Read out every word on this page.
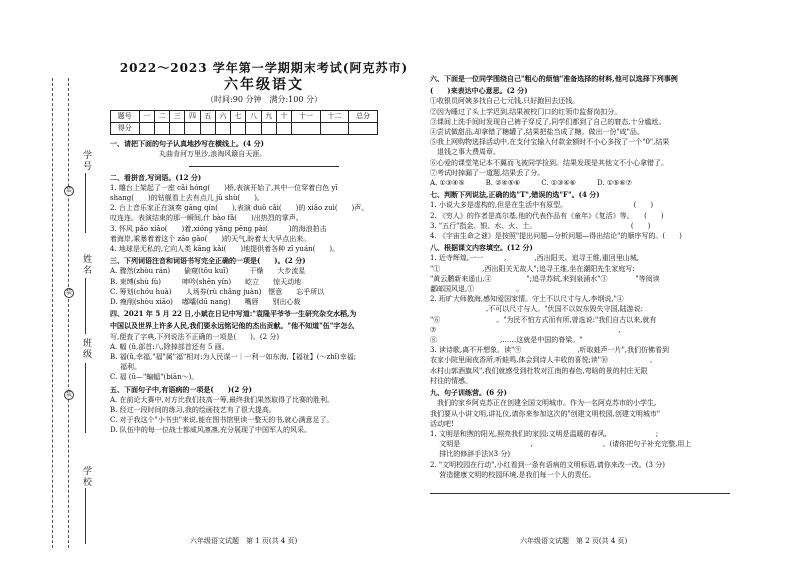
学号
姓名
班级
学校
装
装
装
2022～2023 学年第一学期期末考试(阿克苏市)
六年级语文
（时间:90 分钟　满分:100 分）
题号	一	二	三	四	五	六	七	八	九	十	十一	十二	总分
得分													
一、请把下面的句子认真地抄写在横线上。(4 分)
　　　　　　　丸曲肯河万里沙,浪淘风簸自天涯。
二、看拼音,写词语。(12 分)
1. 雕台上架起了一座 cǎi hóng(　　)桥,表演开始了,其中一位穿着白色 yī
shang(　　)的钻舰看上去有点儿 jū shù(　　)。
2. 台上音乐家正在演奏 gāng qín(　　),表演 duō cǎi(　　)的 xiǎo zuì(　　)声。
叹连连。表演结束的那一瞬间,什 bào fǎ(　　)出热烈的掌声。
3. 怀风 pǎo xiāo(　　)着,xióng yǎng pēng pài(　　　)的海浪拍击
着海岸,乘暴着着这个 zāo gāo(　　)的天气,盼着太大早点出来。
4. 地球是无私的,它向人类 kāng kǎi(　　)地提供着各种 zī yuán(　　)。
三、下列词语注音和词语书写完全正确的一项是(　　)。(2 分)
A. 骤然(zhòu rán)　　偷窥(tōu kuī)　　　干燥　　大步流星
B. 束缚(shù fù)　　　呻吟(shēn yín)　　屹立　　惊天动地
C. 筹划(chóu huà)　　人场券(rù chǎng juàn)　惬意　　忘乎所以
D. 瘦削(shòu xiāo)　 嘟囔(dū nang)　　嘴唇　　别出心裁
四、2021 年 5 月 22 日,小斌在日记中写道:"袁隆平爷爷一生研究杂交水稻,为
中国以及世界上许多人民,我们要永远铭记他的杰出贡献。"他不知道"伍"字怎么
写,便查了字典,下列说法不正确的一项是(　　)。(2 分)
A. 幅 (ǔ,部首:八,除掉部首还有 5 画。
B. 福(ǔ,幸福,"福"属"福"相对:为人民谋一｜一利一如东海,【福祉】(～zhǐ)幸福;
福利。
C. 福 (ǔ—"蝙蝠"(biān～)。
五、下面句子中,有语病的一项是(　　)(2 分)
A. 在前论大赛中,对方比我们技高一筹,最终我们果然取得了比赛的胜利。
B. 经过一段时间的练习,我的绘画技艺有了很大提高。
C. 对于我这个"小书虫"来说,能在图书馆里读一整天的书,就心满意足了。
D. 队伍中的每一位战士都威风凛凛,充分展现了中国军人的风采。
六、下面是一位同学围绕自己"粗心的烦恼"准备选择的材料,他可以选择下列事例
(　　)来表达中心意思。(2 分)
①收银员阿姨多找自己七元钱,只好跑回去还钱。
②因为睡过了头上学迟到,结果被校门口的红领巾监督岗扣分。
③课间上洗手间时发现自己裤子穿反了,同学们都到了自己的窘态,十分尴尬。
④尝试做甜品,却拿错了糖罐了,结果把盐当成了糖。做出一份"咸"品。
⑤我上网购物选择活动中,在支付宝输入付款金额时不小心多按了一个"0",结果
　退钱之事大费周章。
⑥心爱的课堂笔记本不翼而飞被同学捡到。结果发现是其他文不小心拿错了。
⑦考试时掉漏了一道题,结果丢了分。
A. ①③④⑤　　　B. ②④⑤⑥　　　C. ①③④⑥　　　D. ①⑤⑥⑦
七、判断下列说法,正确的选"T",错误的选"F"。(4 分)
1. 小说大多是虚构的,但是在生活中有原型。　　　　　　　　　　(　　)
2. 《穷人》的作者是高尔基,他的代表作品有《童年》《复活》等。　　(　　)
3. "五行"指金、银、水、火、土。　　　　　　　　　　　　　　(　　)
4. 《宇宙生命之谜》是按照"提出问题—分析问题—得出结论"的顺序写的。(　　)
八、根据课文内容填空。(12 分)
1. 近寺辉煌,一一　　　,　　　　,西出阳关。追寻王维,重回里山城,
"①　　　　　　,西出阳关无故人";追寻王维,坐在潮阳先生家庭写:
"黄云鹏新来遥山,④　　　　　";追寻苏轼,来到泉涌水"③　　　　"等阅读
鄱邮国风退,①　　　　　　。
2. 珩旷大师教海,感知爱国家情。守土不以尺寸与人,李纲说,"④
　　　　　　　　,不可以尺寸与人。"伏国不以奴东毁失守国,陆游说:
"⑥　　　　　　　　。"为民不怕方式而有所,曾选说:"我们自古以来,就有
⑦　　　　　　　　　　　　　　　　　　　　　　　　　　,
⑧　　　　　　　　　,……这就是中国的脊梁。"
3. 读诗歌,离不开想象。读"⑨　　　　　　　　,听取蛙声一片",我们仿佛看到
农家小院里闹夜香所,听蛙鸣,体会到诗人丰收的喜悦;读"⑩　　　　　　,
水村山郭酒旗风",我们就感受到杜牧对江南的春色,弯晗的景的村庄无限
村往的情感。
九、句子训练营。(6 分)
　我们的家乡阿克苏正在创建全国文明城市。作为一名阿克苏市的小学生,
我们要从小讲文明,讲礼仪,请你来参加这次的"创建文明校园,创建文明城市"
活动吧!
1. 文明是和煦的阳光,照亮我们的家园;文明是温暖的春风,　　　　　　　;
　 文明是　　　　　　　　　　,　　　　　　　　　　。(请你把句子补充完整,用上
　 排比的修辞手法)(3 分)
2. "文明校园在行动",小红看到一条有语病的文明标语,请你来改一改。(3 分)
　 营造健康文明的校园环境,是我们每一个人的责任。
六年级语文试题　第 1 页(共 4 页)	六年级语文试题　第 2 页(共 4 页)
